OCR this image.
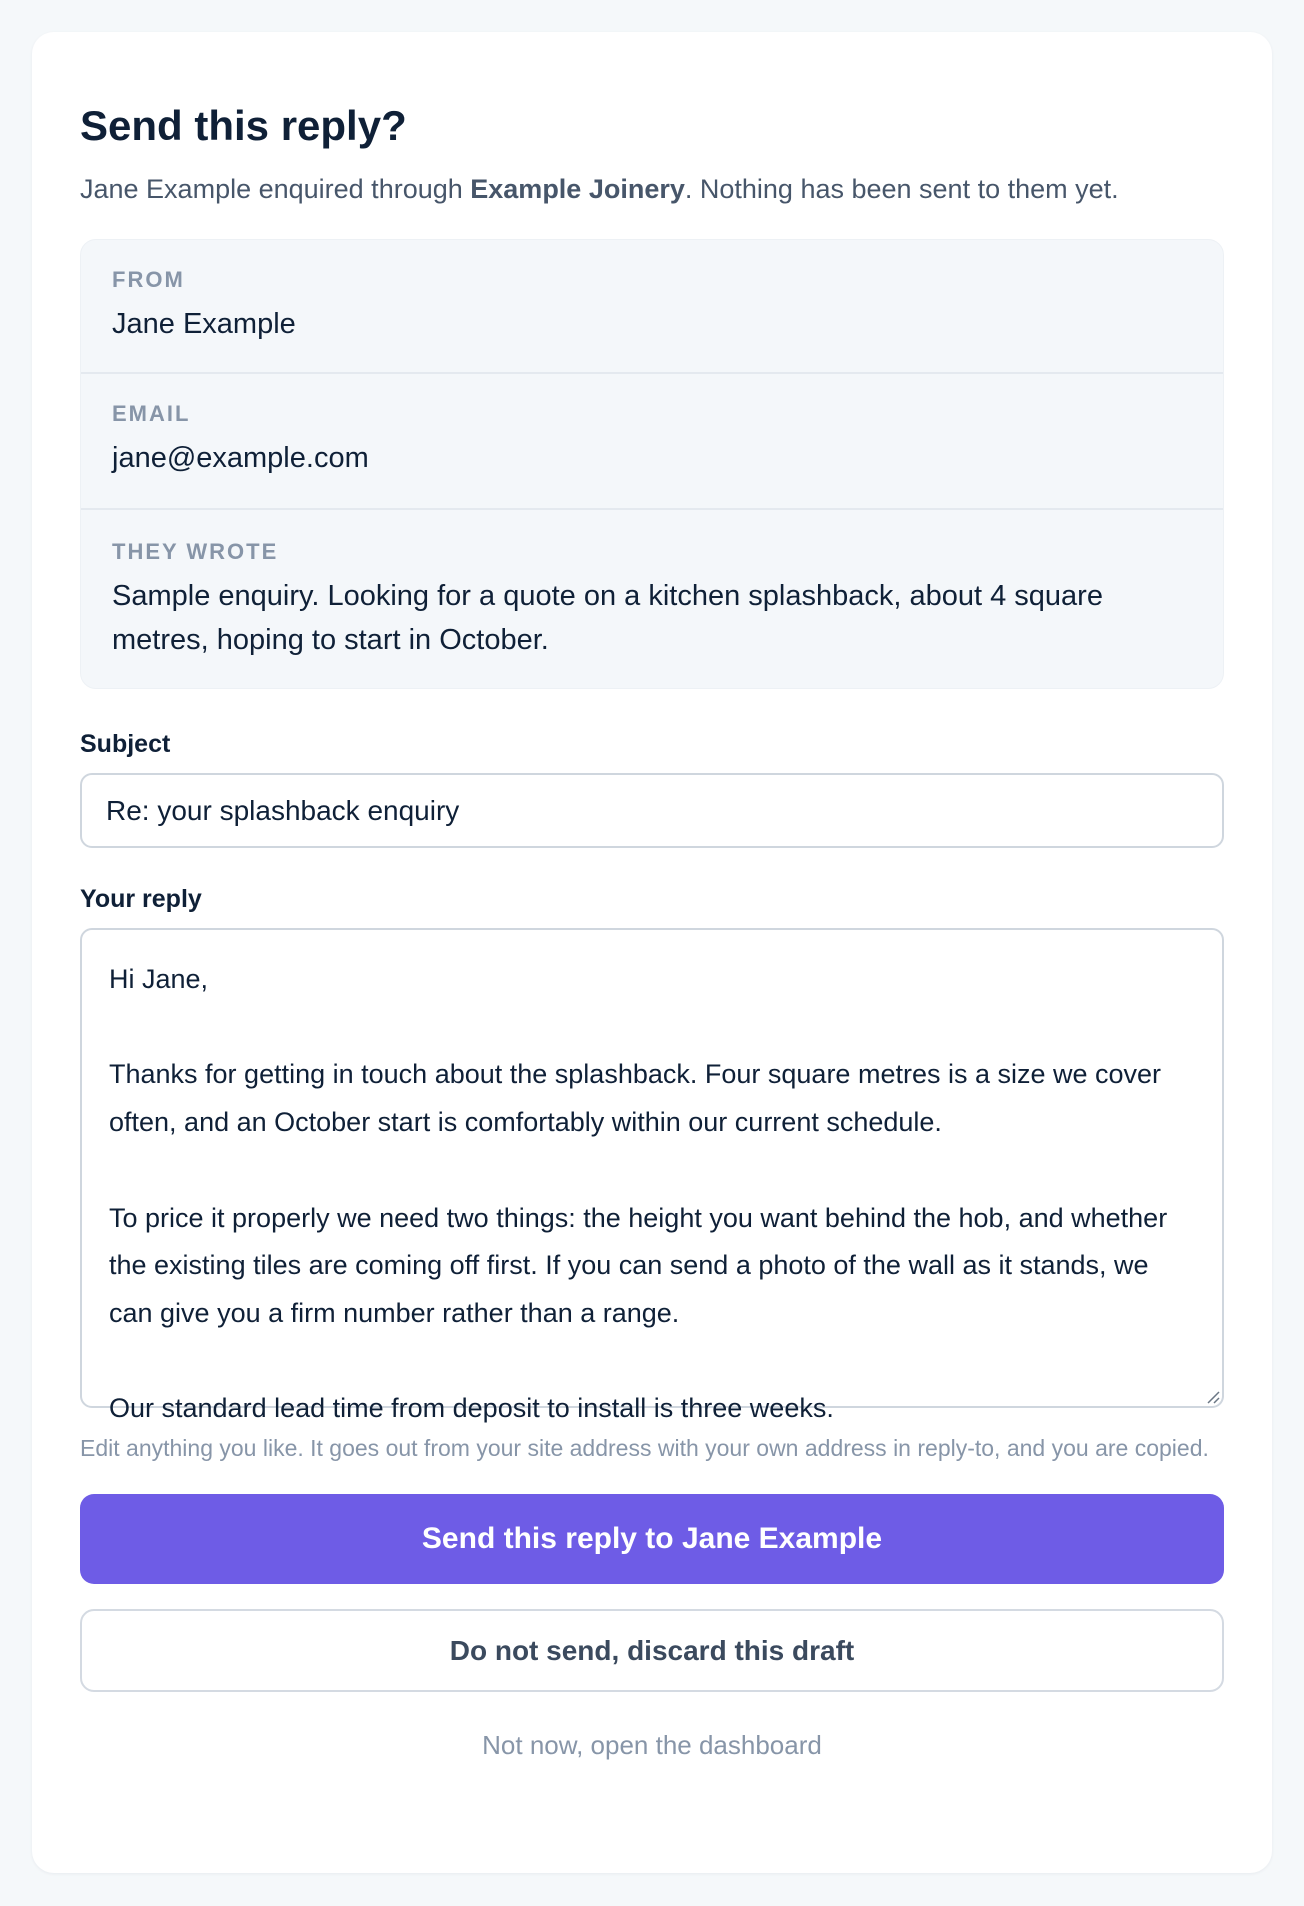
Send this reply?

Jane Example enquired through Example Joinery. Nothing has been sent to them yet.

FROM
Jane Example
EMAIL
jane@example.com
THEY WROTE
Sample enquiry. Looking for a quote on a kitchen splashback, about 4 square metres, hoping to start in October.
Subject
Re: your splashback enquiry
Your reply
Hi Jane,

Thanks for getting in touch about the splashback. Four square metres is a size we cover often, and an October start is comfortably within our current schedule.

To price it properly we need two things: the height you want behind the hob, and whether the existing tiles are coming off first. If you can send a photo of the wall as it stands, we can give you a firm number rather than a range.

Our standard lead time from deposit to install is three weeks.
Edit anything you like. It goes out from your site address with your own address in reply-to, and you are copied.
Send this reply to Jane Example
Do not send, discard this draft
Not now, open the dashboard
